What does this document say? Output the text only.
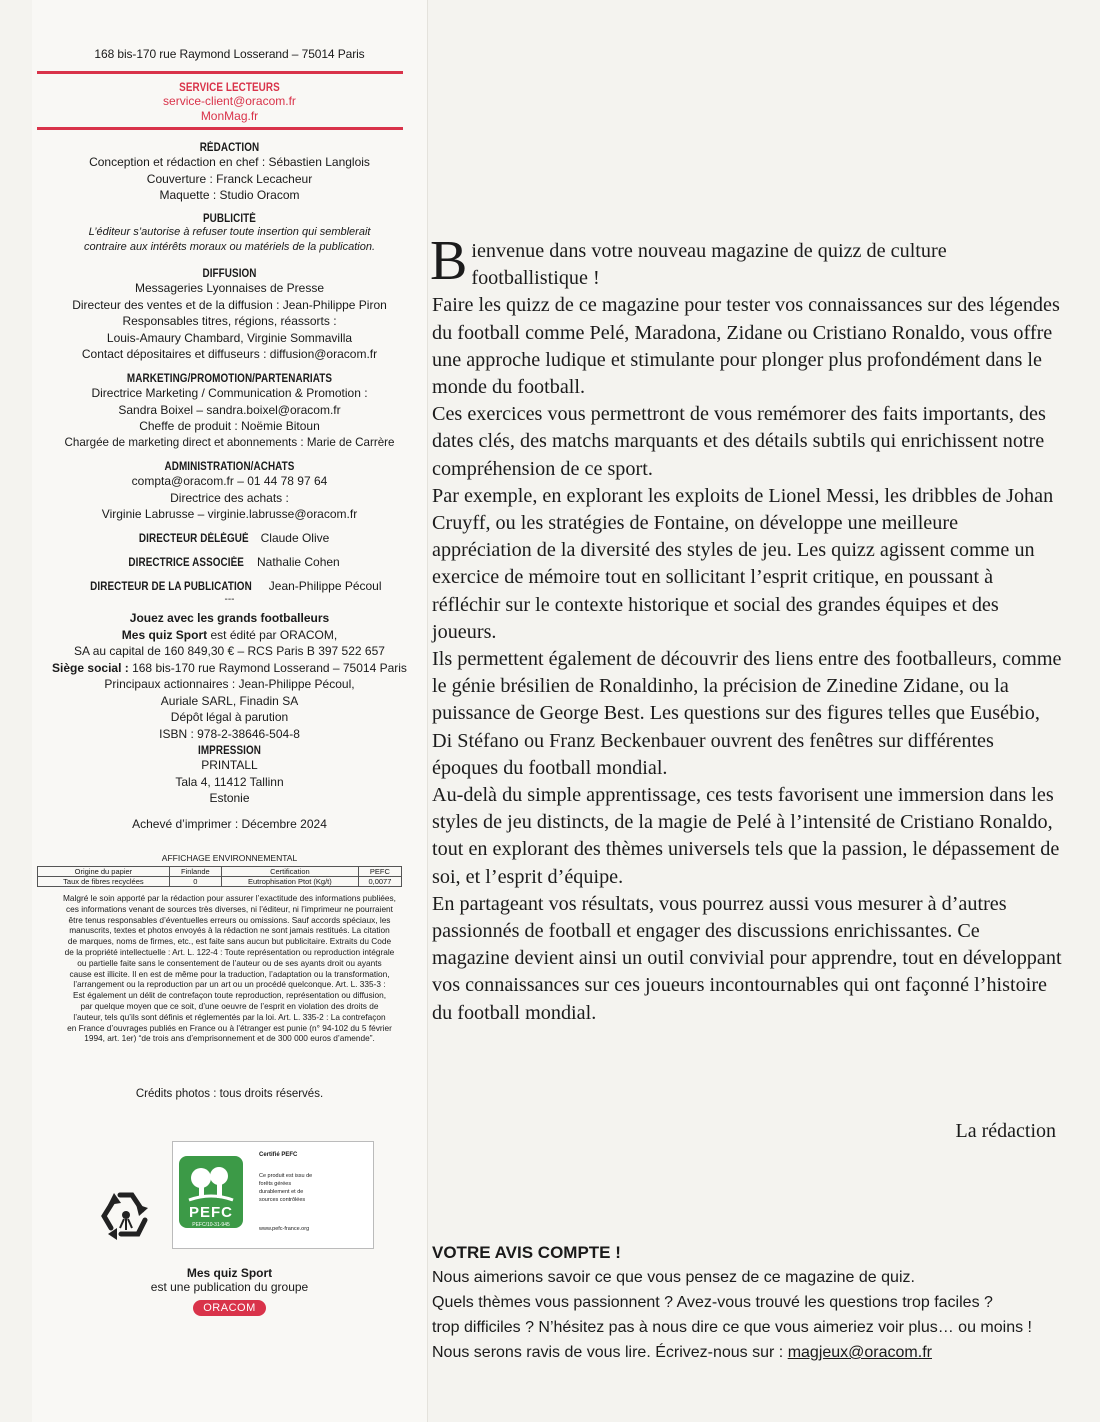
168 bis-170 rue Raymond Losserand – 75014 Paris
SERVICE LECTEURS
service-client@oracom.fr
MonMag.fr
RÉDACTION
Conception et rédaction en chef : Sébastien Langlois
Couverture : Franck Lecacheur
Maquette : Studio Oracom
PUBLICITÉ
L’éditeur s’autorise à refuser toute insertion qui semblerait
contraire aux intérêts moraux ou matériels de la publication.
DIFFUSION
Messageries Lyonnaises de Presse
Directeur des ventes et de la diffusion : Jean-Philippe Piron
Responsables titres, régions, réassorts :
Louis-Amaury Chambard, Virginie Sommavilla
Contact dépositaires et diffuseurs : diffusion@oracom.fr
MARKETING/PROMOTION/PARTENARIATS
Directrice Marketing / Communication & Promotion :
Sandra Boixel – sandra.boixel@oracom.fr
Cheffe de produit : Noëmie Bitoun
Chargée de marketing direct et abonnements : Marie de Carrère
ADMINISTRATION/ACHATS
compta@oracom.fr – 01 44 78 97 64
Directrice des achats :
Virginie Labrusse – virginie.labrusse@oracom.fr
DIRECTEUR DÉLÉGUÉ Claude Olive
DIRECTRICE ASSOCIÉE Nathalie Cohen
DIRECTEUR DE LA PUBLICATION Jean-Philippe Pécoul
---
Jouez avec les grands footballeurs
Mes quiz Sport est édité par ORACOM,
SA au capital de 160 849,30 € – RCS Paris B 397 522 657
Siège social : 168 bis-170 rue Raymond Losserand – 75014 Paris
Principaux actionnaires : Jean-Philippe Pécoul,
Auriale SARL, Finadin SA
Dépôt légal à parution
ISBN : 978-2-38646-504-8
IMPRESSION
PRINTALL
Tala 4, 11412 Tallinn
Estonie
Achevé d’imprimer : Décembre 2024
AFFICHAGE ENVIRONNEMENTAL
Origine du papier	Finlande	Certification	PEFC
Taux de fibres recyclées	0	Eutrophisation Ptot (Kg/t)	0,0077
Malgré le soin apporté par la rédaction pour assurer l’exactitude des informations publiées,
ces informations venant de sources très diverses, ni l’éditeur, ni l’imprimeur ne pourraient
être tenus responsables d’éventuelles erreurs ou omissions. Sauf accords spéciaux, les
manuscrits, textes et photos envoyés à la rédaction ne sont jamais restitués. La citation
de marques, noms de firmes, etc., est faite sans aucun but publicitaire. Extraits du Code
de la propriété intellectuelle : Art. L. 122-4 : Toute représentation ou reproduction intégrale
ou partielle faite sans le consentement de l’auteur ou de ses ayants droit ou ayants
cause est illicite. Il en est de même pour la traduction, l’adaptation ou la transformation,
l’arrangement ou la reproduction par un art ou un procédé quelconque. Art. L. 335-3 :
Est également un délit de contrefaçon toute reproduction, représentation ou diffusion,
par quelque moyen que ce soit, d’une oeuvre de l’esprit en violation des droits de
l’auteur, tels qu’ils sont définis et réglementés par la loi. Art. L. 335-2 : La contrefaçon
en France d’ouvrages publiés en France ou à l’étranger est punie (n° 94-102 du 5 février
1994, art. 1er) “de trois ans d’emprisonnement et de 300 000 euros d’amende”.
Crédits photos : tous droits réservés.
PEFC
PEFC/10-31-945
Certifié PEFC
Ce produit est issu de
forêts gérées
durablement et de
sources contrôlées
www.pefc-france.org
Mes quiz Sport
est une publication du groupe
ORACOM

Bienvenue dans votre nouveau magazine de quizz de culture footballistique !

Faire les quizz de ce magazine pour tester vos connaissances sur des légendes du football comme Pelé, Maradona, Zidane ou Cristiano Ronaldo, vous offre une approche ludique et stimulante pour plonger plus profondément dans le monde du football.

Ces exercices vous permettront de vous remémorer des faits importants, des dates clés, des matchs marquants et des détails subtils qui enrichissent notre compréhension de ce sport.

Par exemple, en explorant les exploits de Lionel Messi, les dribbles de Johan Cruyff, ou les stratégies de Fontaine, on développe une meilleure appréciation de la diversité des styles de jeu. Les quizz agissent comme un exercice de mémoire tout en sollicitant l’esprit critique, en poussant à réfléchir sur le contexte historique et social des grandes équipes et des joueurs.

Ils permettent également de découvrir des liens entre des footballeurs, comme le génie brésilien de Ronaldinho, la précision de Zinedine Zidane, ou la puissance de George Best. Les questions sur des figures telles que Eusébio, Di Stéfano ou Franz Beckenbauer ouvrent des fenêtres sur différentes époques du football mondial.

Au-delà du simple apprentissage, ces tests favorisent une immersion dans les styles de jeu distincts, de la magie de Pelé à l’intensité de Cristiano Ronaldo, tout en explorant des thèmes universels tels que la passion, le dépassement de soi, et l’esprit d’équipe.

En partageant vos résultats, vous pourrez aussi vous mesurer à d’autres passionnés de football et engager des discussions enrichissantes. Ce magazine devient ainsi un outil convivial pour apprendre, tout en développant vos connaissances sur ces joueurs incontournables qui ont façonné l’histoire du football mondial.

La rédaction
VOTRE AVIS COMPTE !
Nous aimerions savoir ce que vous pensez de ce magazine de quiz.
Quels thèmes vous passionnent ? Avez-vous trouvé les questions trop faciles ?
trop difficiles ? N’hésitez pas à nous dire ce que vous aimeriez voir plus… ou moins !
Nous serons ravis de vous lire. Écrivez-nous sur : magjeux@oracom.fr
